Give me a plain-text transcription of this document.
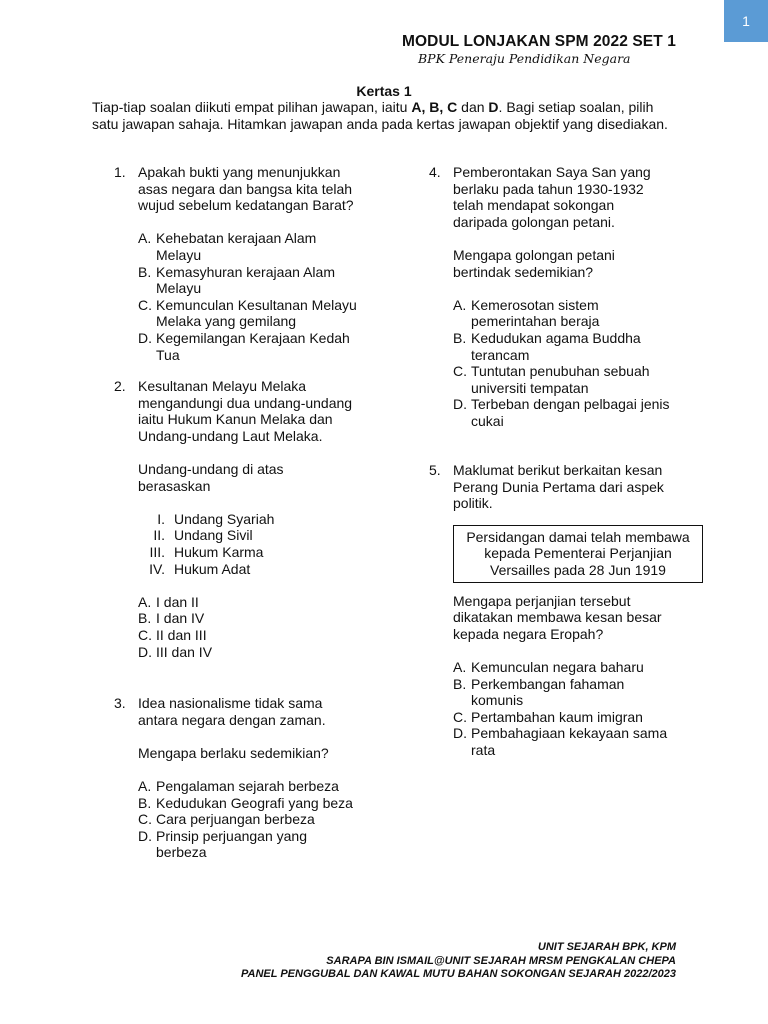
1
MODUL LONJAKAN SPM 2022 SET 1
BPK Peneraju Pendidikan Negara
Kertas 1

Tiap-tiap soalan diikuti empat pilihan jawapan, iaitu A, B, C dan D. Bagi setiap soalan, pilih

satu jawapan sahaja. Hitamkan jawapan anda pada kertas jawapan objektif yang disediakan.

1. Apakah bukti yang menunjukkan

asas negara dan bangsa kita telah

wujud sebelum kedatangan Barat?

A. Kehebatan kerajaan Alam

Melayu

B. Kemasyhuran kerajaan Alam

Melayu

C. Kemunculan Kesultanan Melayu

Melaka yang gemilang

D. Kegemilangan Kerajaan Kedah

Tua

2. Kesultanan Melayu Melaka

mengandungi dua undang-undang

iaitu Hukum Kanun Melaka dan

Undang-undang Laut Melaka.

Undang-undang di atas

berasaskan

I. Undang Syariah
II. Undang Sivil
III. Hukum Karma
IV. Hukum Adat
A. I dan II

B. I dan IV

C. II dan III

D. III dan IV

3. Idea nasionalisme tidak sama

antara negara dengan zaman.

Mengapa berlaku sedemikian?

A. Pengalaman sejarah berbeza

B. Kedudukan Geografi yang beza

C. Cara perjuangan berbeza

D. Prinsip perjuangan yang

berbeza

4. Pemberontakan Saya San yang

berlaku pada tahun 1930-1932

telah mendapat sokongan

daripada golongan petani.

Mengapa golongan petani

bertindak sedemikian?

A. Kemerosotan sistem

pemerintahan beraja

B. Kedudukan agama Buddha

terancam

C. Tuntutan penubuhan sebuah

universiti tempatan

D. Terbeban dengan pelbagai jenis

cukai

5. Maklumat berikut berkaitan kesan

Perang Dunia Pertama dari aspek

politik.

Persidangan damai telah membawa

kepada Pementerai Perjanjian

Versailles pada 28 Jun 1919

Mengapa perjanjian tersebut

dikatakan membawa kesan besar

kepada negara Eropah?

A. Kemunculan negara baharu

B. Perkembangan fahaman

komunis

C. Pertambahan kaum imigran

D. Pembahagiaan kekayaan sama

rata

UNIT SEJARAH BPK, KPM
SARAPA BIN ISMAIL@UNIT SEJARAH MRSM PENGKALAN CHEPA
PANEL PENGGUBAL DAN KAWAL MUTU BAHAN SOKONGAN SEJARAH 2022/2023
